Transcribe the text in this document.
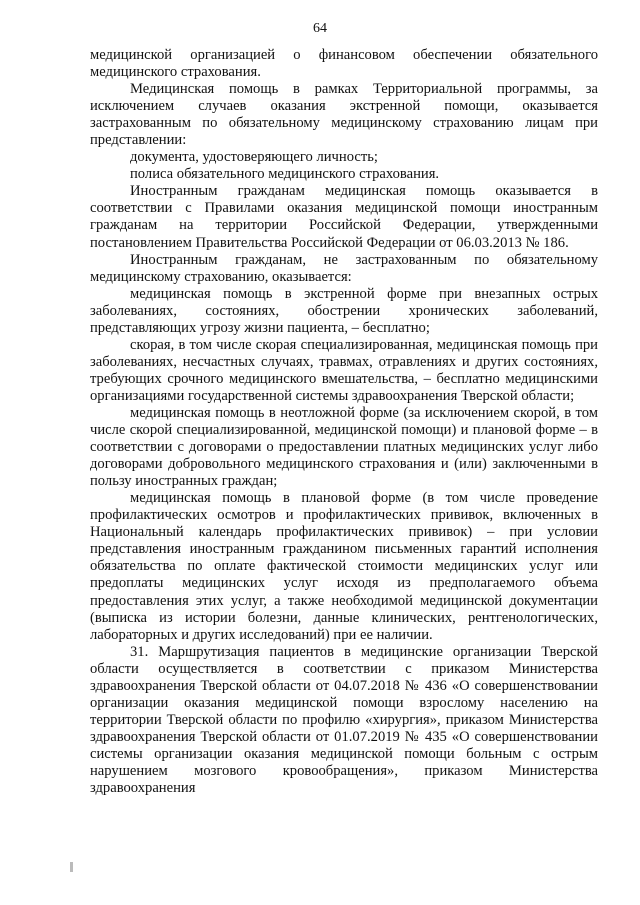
64

медицинской организацией о финансовом обеспечении обязательного медицинского страхования.

Медицинская помощь в рамках Территориальной программы, за исключением случаев оказания экстренной помощи, оказывается застрахованным по обязательному медицинскому страхованию лицам при представлении:

документа, удостоверяющего личность;

полиса обязательного медицинского страхования.

Иностранным гражданам медицинская помощь оказывается в соответствии с Правилами оказания медицинской помощи иностранным гражданам на территории Российской Федерации, утвержденными постановлением Правительства Российской Федерации от 06.03.2013 № 186.

Иностранным гражданам, не застрахованным по обязательному медицинскому страхованию, оказывается:

медицинская помощь в экстренной форме при внезапных острых заболеваниях, состояниях, обострении хронических заболеваний, представляющих угрозу жизни пациента, – бесплатно;

скорая, в том числе скорая специализированная, медицинская помощь при заболеваниях, несчастных случаях, травмах, отравлениях и других состояниях, требующих срочного медицинского вмешательства, – бесплатно медицинскими организациями государственной системы здравоохранения Тверской области;

медицинская помощь в неотложной форме (за исключением скорой, в том числе скорой специализированной, медицинской помощи) и плановой форме – в соответствии с договорами о предоставлении платных медицинских услуг либо договорами добровольного медицинского страхования и (или) заключенными в пользу иностранных граждан;

медицинская помощь в плановой форме (в том числе проведение профилактических осмотров и профилактических прививок, включенных в Национальный календарь профилактических прививок) – при условии представления иностранным гражданином письменных гарантий исполнения обязательства по оплате фактической стоимости медицинских услуг или предоплаты медицинских услуг исходя из предполагаемого объема предоставления этих услуг, а также необходимой медицинской документации (выписка из истории болезни, данные клинических, рентгенологических, лабораторных и других исследований) при ее наличии.

31. Маршрутизация пациентов в медицинские организации Тверской области осуществляется в соответствии с приказом Министерства здравоохранения Тверской области от 04.07.2018 № 436 «О совершенствовании организации оказания медицинской помощи взрослому населению на территории Тверской области по профилю «хирургия», приказом Министерства здравоохранения Тверской области от 01.07.2019 № 435 «О совершенствовании системы организации оказания медицинской помощи больным с острым нарушением мозгового кровообращения», приказом Министерства здравоохранения
